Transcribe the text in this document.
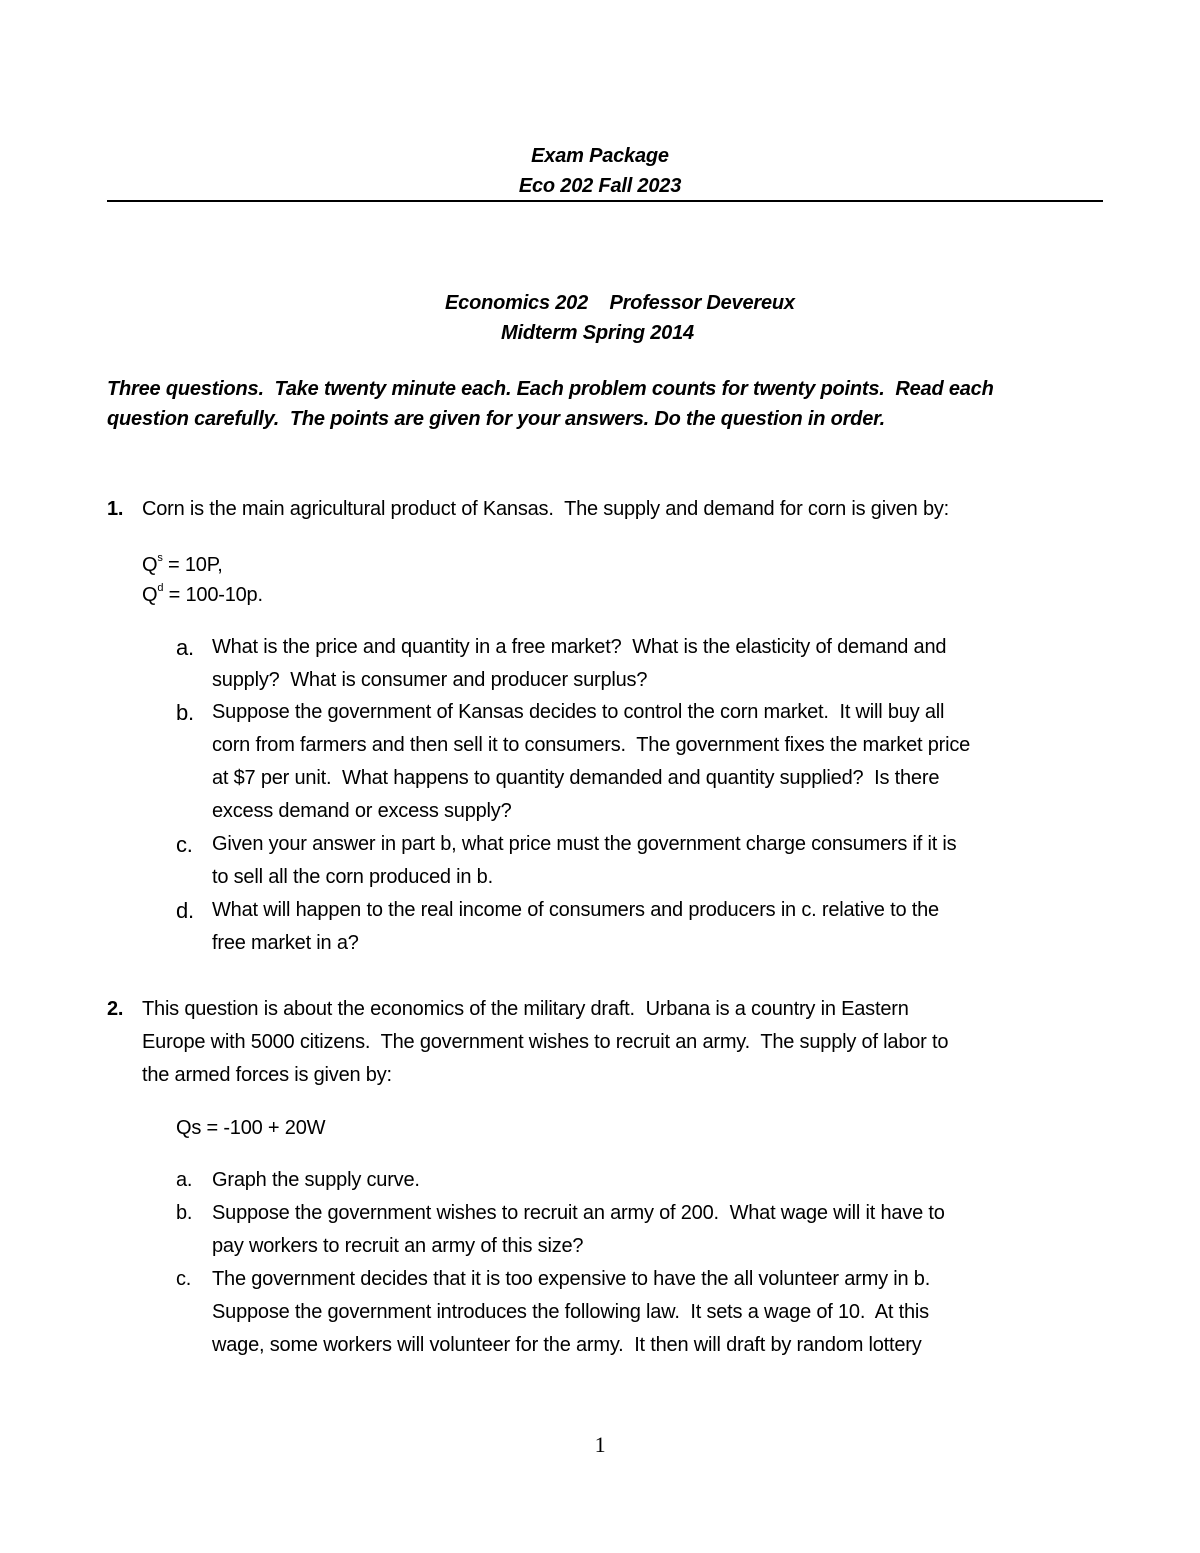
Exam Package
Eco 202 Fall 2023
Economics 202    Professor Devereux
Midterm Spring 2014
Three questions.  Take twenty minute each. Each problem counts for twenty points.  Read each
question carefully.  The points are given for your answers. Do the question in order.
1. Corn is the main agricultural product of Kansas.  The supply and demand for corn is given by:
$Q^s = 10P$,
$Q^d = 100-10p$.
a. What is the price and quantity in a free market?  What is the elasticity of demand and
supply?  What is consumer and producer surplus?
b. Suppose the government of Kansas decides to control the corn market.  It will buy all
corn from farmers and then sell it to consumers.  The government fixes the market price
at $7 per unit.  What happens to quantity demanded and quantity supplied?  Is there
excess demand or excess supply?
c. Given your answer in part b, what price must the government charge consumers if it is
to sell all the corn produced in b.
d. What will happen to the real income of consumers and producers in c. relative to the
free market in a?
2. This question is about the economics of the military draft.  Urbana is a country in Eastern
Europe with 5000 citizens.  The government wishes to recruit an army.  The supply of labor to
the armed forces is given by:
Qs = -100 + 20W
a. Graph the supply curve.
b. Suppose the government wishes to recruit an army of 200.  What wage will it have to
pay workers to recruit an army of this size?
c. The government decides that it is too expensive to have the all volunteer army in b.
Suppose the government introduces the following law.  It sets a wage of 10.  At this
wage, some workers will volunteer for the army.  It then will draft by random lottery
1
